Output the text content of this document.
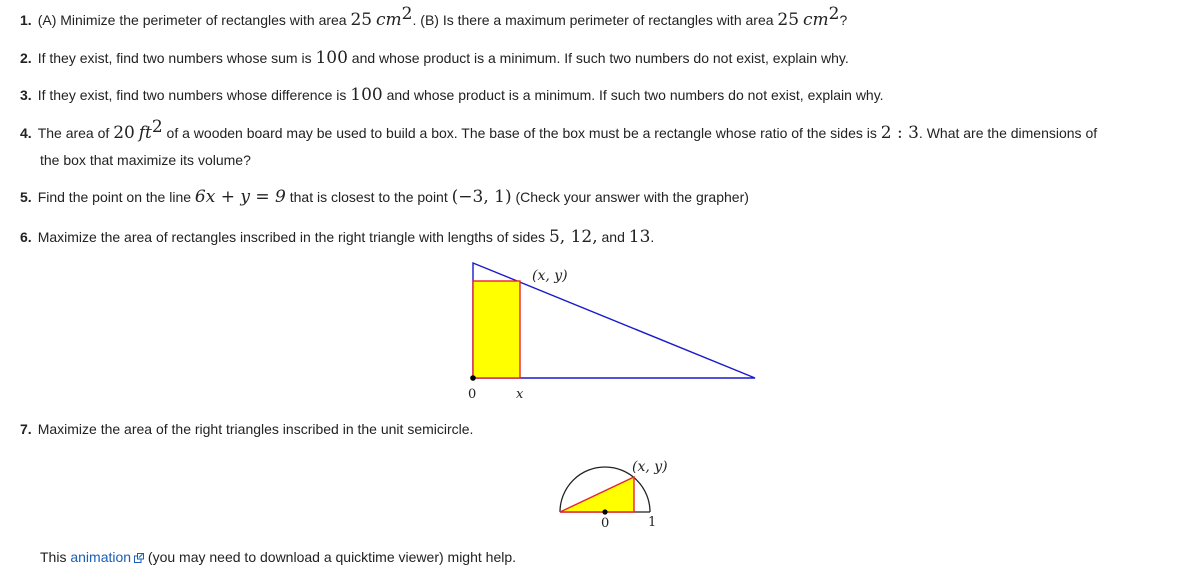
1. (A) Minimize the perimeter of rectangles with area 25 $cm^2$. (B) Is there a maximum perimeter of rectangles with area 25 $cm^2$?
2. If they exist, find two numbers whose sum is 100 and whose product is a minimum. If such two numbers do not exist, explain why.
3. If they exist, find two numbers whose difference is 100 and whose product is a minimum. If such two numbers do not exist, explain why.
4. The area of 20 $ft^2$ of a wooden board may be used to build a box. The base of the box must be a rectangle whose ratio of the sides is 2 : 3. What are the dimensions of
the box that maximize its volume?
5. Find the point on the line 6x + y = 9 that is closest to the point (−3, 1) (Check your answer with the grapher)
6. Maximize the area of rectangles inscribed in the right triangle with lengths of sides 5, 12, and 13.
(x, y)
0	x
7. Maximize the area of the right triangles inscribed in the unit semicircle.
(x, y)
0	1
This animation (you may need to download a quicktime viewer) might help.
